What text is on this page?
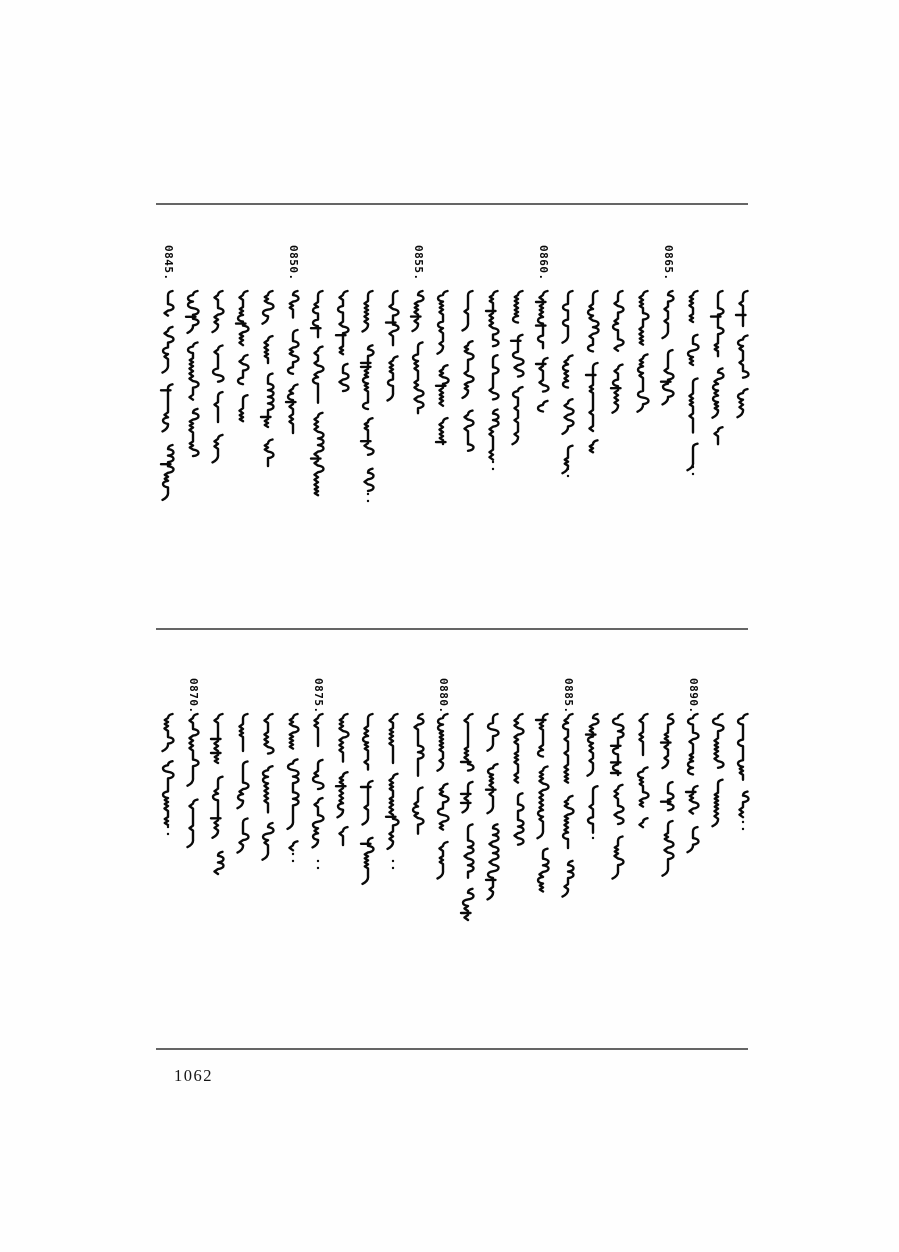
1062
0845.	0850.	0855.	0860.	0865.
0870.	0875.	0880.	0885.	0890.
